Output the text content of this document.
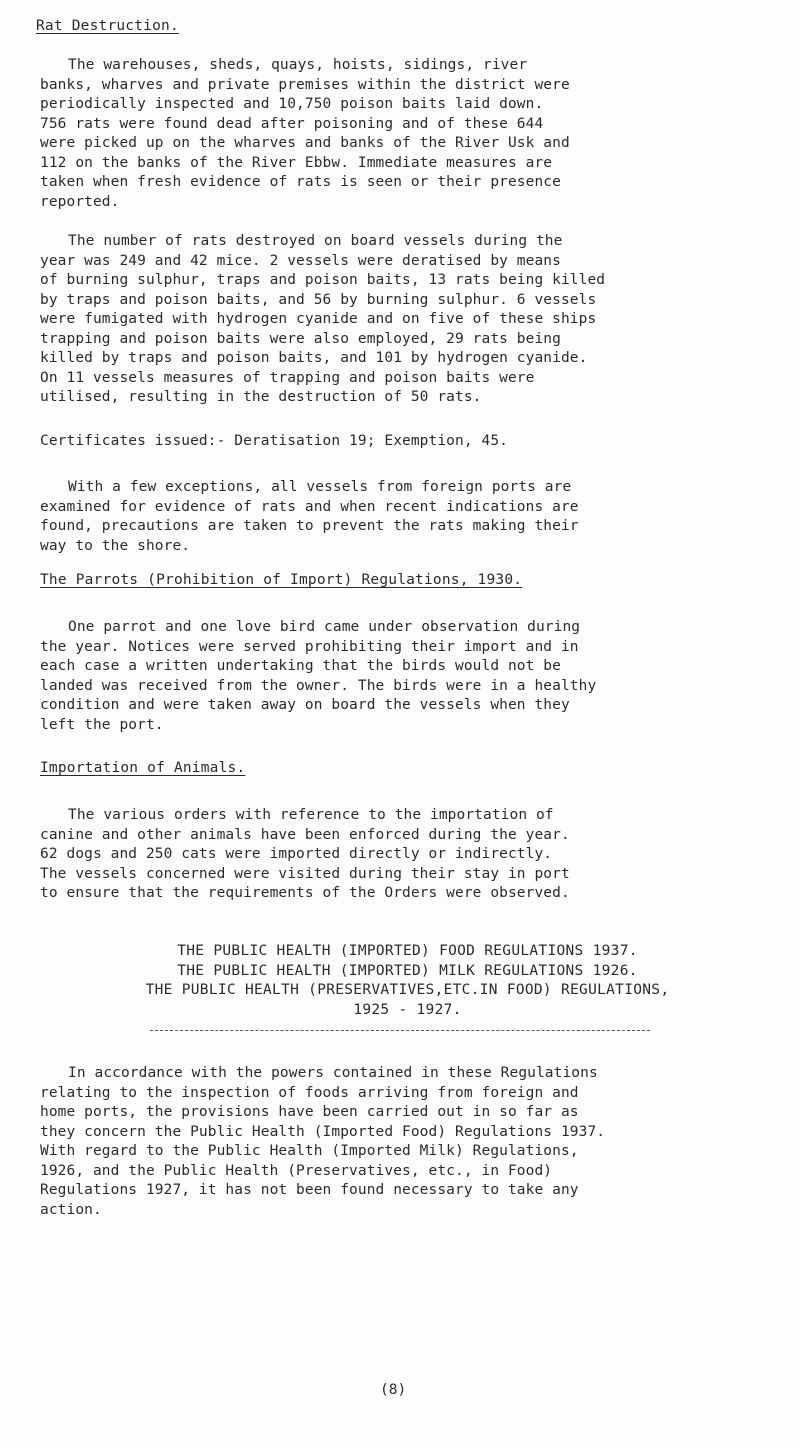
Rat Destruction.
The warehouses, sheds, quays, hoists, sidings, river
banks, wharves and private premises within the district were
periodically inspected and 10,750 poison baits laid down.
756 rats were found dead after poisoning and of these 644
were picked up on the wharves and banks of the River Usk and
112 on the banks of the River Ebbw. Immediate measures are
taken when fresh evidence of rats is seen or their presence
reported.
The number of rats destroyed on board vessels during the
year was 249 and 42 mice. 2 vessels were deratised by means
of burning sulphur, traps and poison baits, 13 rats being killed
by traps and poison baits, and 56 by burning sulphur. 6 vessels
were fumigated with hydrogen cyanide and on five of these ships
trapping and poison baits were also employed, 29 rats being
killed by traps and poison baits, and 101 by hydrogen cyanide.
On 11 vessels measures of trapping and poison baits were
utilised, resulting in the destruction of 50 rats.
Certificates issued:- Deratisation 19; Exemption, 45.
With a few exceptions, all vessels from foreign ports are
examined for evidence of rats and when recent indications are
found, precautions are taken to prevent the rats making their
way to the shore.
The Parrots (Prohibition of Import) Regulations, 1930.
One parrot and one love bird came under observation during
the year. Notices were served prohibiting their import and in
each case a written undertaking that the birds would not be
landed was received from the owner. The birds were in a healthy
condition and were taken away on board the vessels when they
left the port.
Importation of Animals.
The various orders with reference to the importation of
canine and other animals have been enforced during the year.
62 dogs and 250 cats were imported directly or indirectly.
The vessels concerned were visited during their stay in port
to ensure that the requirements of the Orders were observed.
THE PUBLIC HEALTH (IMPORTED) FOOD REGULATIONS 1937.
THE PUBLIC HEALTH (IMPORTED) MILK REGULATIONS 1926.
THE PUBLIC HEALTH (PRESERVATIVES,ETC.IN FOOD) REGULATIONS,
1925 - 1927.
In accordance with the powers contained in these Regulations
relating to the inspection of foods arriving from foreign and
home ports, the provisions have been carried out in so far as
they concern the Public Health (Imported Food) Regulations 1937.
With regard to the Public Health (Imported Milk) Regulations,
1926, and the Public Health (Preservatives, etc., in Food)
Regulations 1927, it has not been found necessary to take any
action.
(8)
